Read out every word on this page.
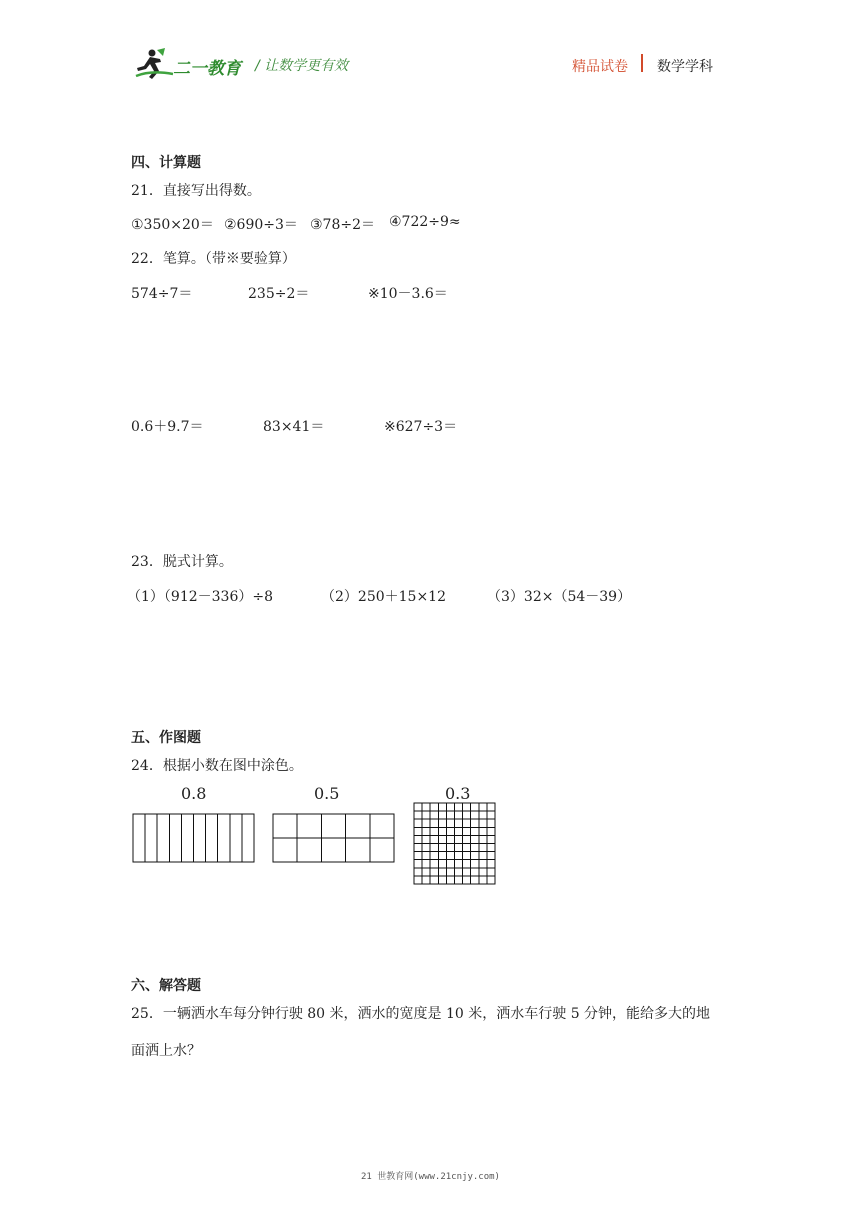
二一教育 / 让数学更有效	精品试卷 数学学科
四、计算题
21．直接写出得数。
①350×20＝ ②690÷3＝ ③78÷2＝ ④722÷9≈
22．笔算。（带※要验算）
574÷7＝	235÷2＝	※10－3.6＝
0.6＋9.7＝	83×41＝	※627÷3＝
23．脱式计算。
（1）（912－336）÷8	（2）250＋15×12	（3）32×（54－39）
五、作图题
24．根据小数在图中涂色。
0.8	0.5	0.3
六、解答题
25．一辆洒水车每分钟行驶 80 米，洒水的宽度是 10 米，洒水车行驶 5 分钟，能给多大的地
面洒上水？
21 世教育网(www.21cnjy.com)
